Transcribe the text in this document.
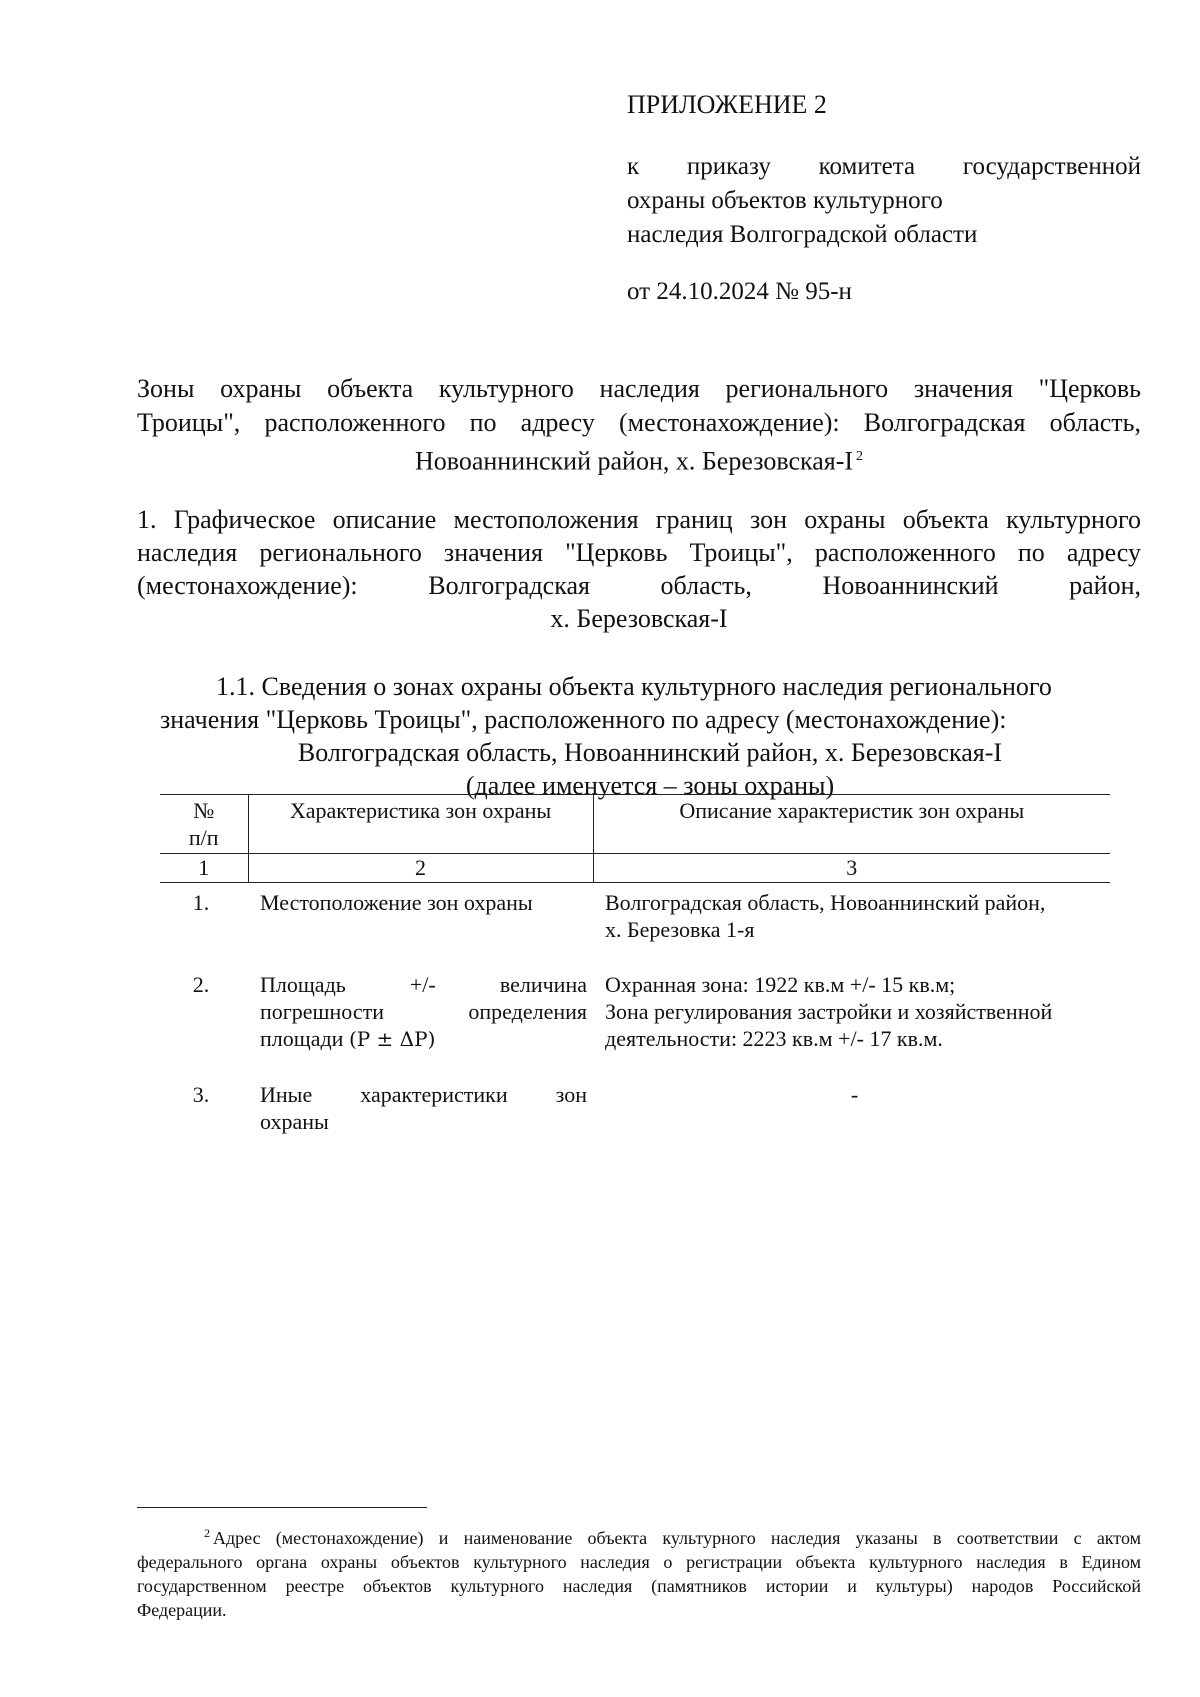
ПРИЛОЖЕНИЕ 2
к приказу комитета государственной
охраны объектов культурного
наследия Волгоградской области
от 24.10.2024 № 95-н
Зоны охраны объекта культурного наследия регионального значения "Церковь
Троицы", расположенного по адресу (местонахождение): Волгоградская область,
Новоаннинский район, х. Березовская-I $^2$
1. Графическое описание местоположения границ зон охраны объекта культурного
наследия регионального значения "Церковь Троицы", расположенного по адресу
(местонахождение): Волгоградская область, Новоаннинский район,
х. Березовская-I
1.1. Сведения о зонах охраны объекта культурного наследия регионального
значения "Церковь Троицы", расположенного по адресу (местонахождение):
Волгоградская область, Новоаннинский район, х. Березовская-I
(далее именуется – зоны охраны)
№
п/п	Характеристика зон охраны	Описание характеристик зон охраны
1	2	3
1.	Местоположение зон охраны	Волгоградская область, Новоаннинский район,
х. Березовка 1-я
2.	Площадь +/- величина
погрешности определения
площади (P ± ΔP)	Охранная зона: 1922 кв.м +/- 15 кв.м;
Зона регулирования застройки и хозяйственной
деятельности: 2223 кв.м +/- 17 кв.м.
3.	Иные характеристики зон
охраны	-
$^2$ Адрес (местонахождение) и наименование объекта культурного наследия указаны в соответствии с актом
федерального органа охраны объектов культурного наследия о регистрации объекта культурного наследия в Едином
государственном реестре объектов культурного наследия (памятников истории и культуры) народов Российской
Федерации.
